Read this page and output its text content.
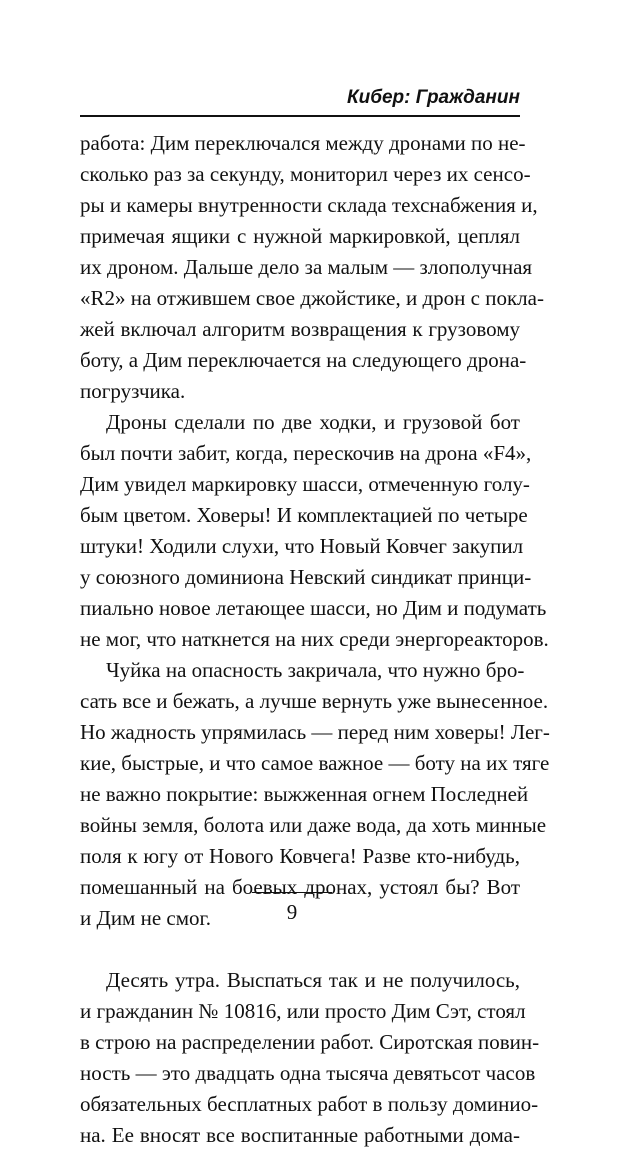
Кибер: Гражданин
работа: Дим переключался между дронами по не-
сколько раз за секунду, мониторил через их сенсо-
ры и камеры внутренности склада техснабжения и,
примечая ящики с нужной маркировкой, цеплял
их дроном. Дальше дело за малым — злополучная
«R2» на отжившем свое джойстике, и дрон с покла-
жей включал алгоритм возвращения к грузовому
боту, а Дим переключается на следующего дрона-
погрузчика.
Дроны сделали по две ходки, и грузовой бот
был почти забит, когда, перескочив на дрона «F4»,
Дим увидел маркировку шасси, отмеченную голу-
бым цветом. Ховеры! И комплектацией по четыре
штуки! Ходили слухи, что Новый Ковчег закупил
у союзного доминиона Невский синдикат принци-
пиально новое летающее шасси, но Дим и подумать
не мог, что наткнется на них среди энергореакторов.
Чуйка на опасность закричала, что нужно бро-
сать все и бежать, а лучше вернуть уже вынесенное.
Но жадность упрямилась — перед ним ховеры! Лег-
кие, быстрые, и что самое важное — боту на их тяге
не важно покрытие: выжженная огнем Последней
войны земля, болота или даже вода, да хоть минные
поля к югу от Нового Ковчега! Разве кто-нибудь,
помешанный на боевых дронах, устоял бы? Вот
и Дим не смог.
Десять утра. Выспаться так и не получилось,
и гражданин № 10816, или просто Дим Сэт, стоял
в строю на распределении работ. Сиротская повин-
ность — это двадцать одна тысяча девятьсот часов
обязательных бесплатных работ в пользу доминио-
на. Ее вносят все воспитанные работными дома-
9
